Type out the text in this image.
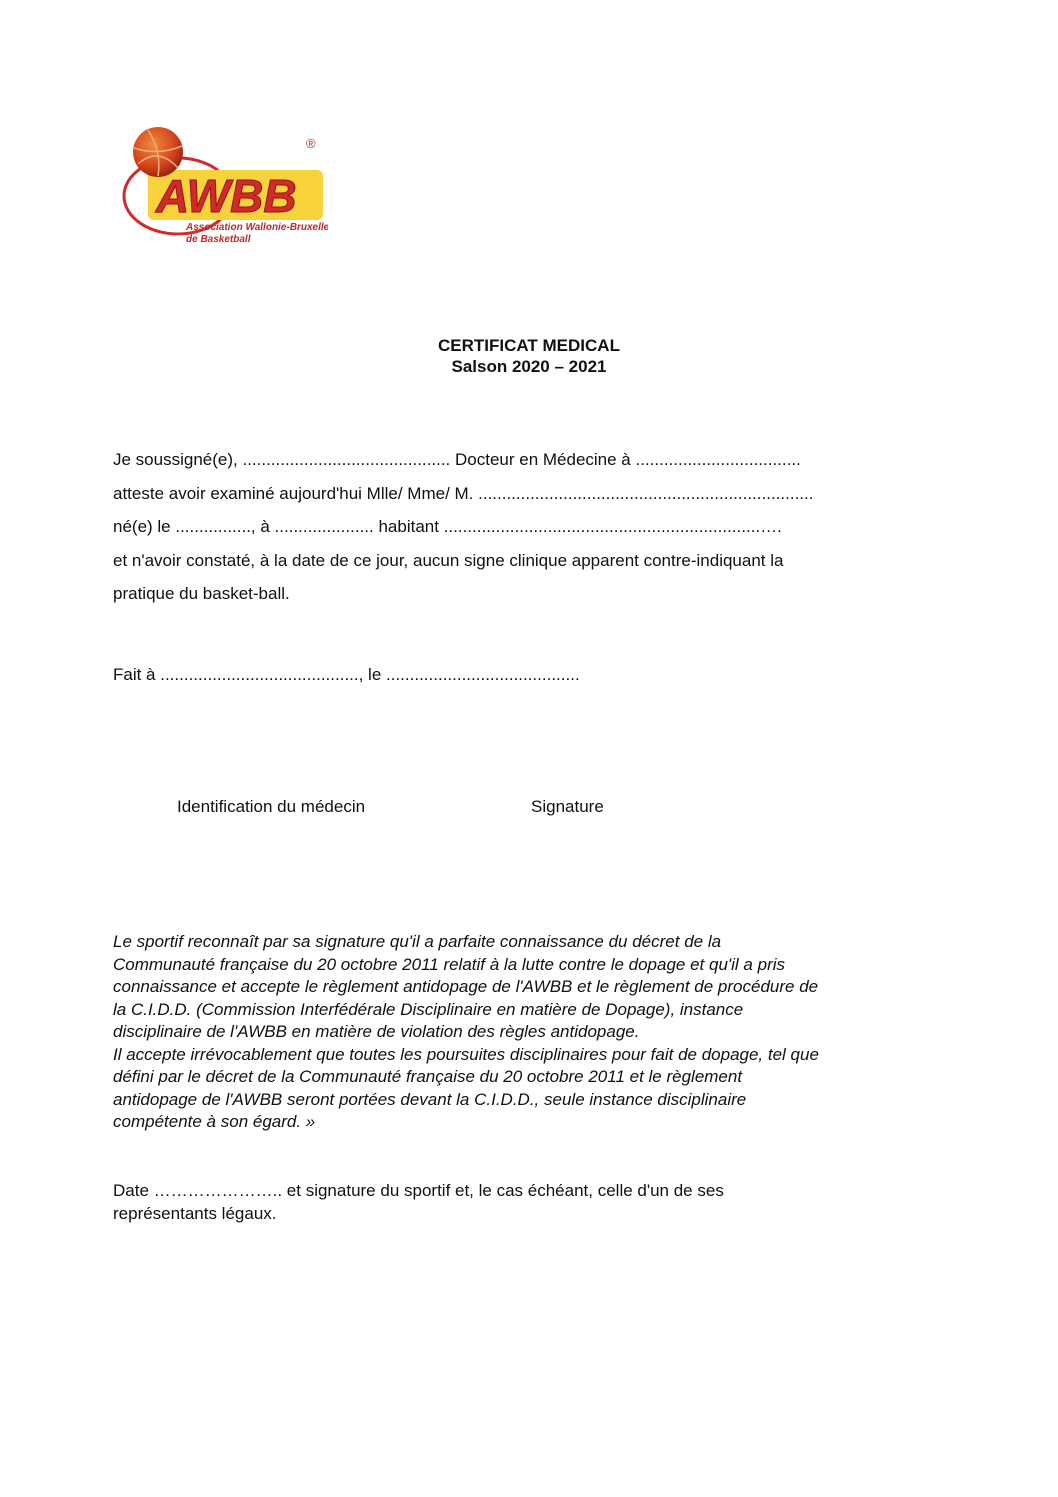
AWBB
®
Association Wallonie-Bruxelles
de Basketball
CERTIFICAT MEDICAL
Salson 2020 – 2021
Je soussigné(e), ............................................ Docteur en Médecine à ...................................
atteste avoir examiné aujourd'hui Mlle/ Mme/ M. .......................................................................
né(e) le ................, à ..................... habitant ...................................................................….
et n'avoir constaté, à la date de ce jour, aucun signe clinique apparent contre-indiquant la
pratique du basket-ball.
Fait à .........................................., le .........................................
Identification du médecin	Signature

Le sportif reconnaît par sa signature qu'il a parfaite connaissance du décret de la

Communauté française du 20 octobre 2011 relatif à la lutte contre le dopage et qu'il a pris

connaissance et accepte le règlement antidopage de l'AWBB et le règlement de procédure de

la C.I.D.D. (Commission Interfédérale Disciplinaire en matière de Dopage), instance

disciplinaire de l'AWBB en matière de violation des règles antidopage.

Il accepte irrévocablement que toutes les poursuites disciplinaires pour fait de dopage, tel que

défini par le décret de la Communauté française du 20 octobre 2011 et le règlement

antidopage de l'AWBB seront portées devant la C.I.D.D., seule instance disciplinaire

compétente à son égard. »

Date ………………….. et signature du sportif et, le cas échéant, celle d'un de ses

représentants légaux.
